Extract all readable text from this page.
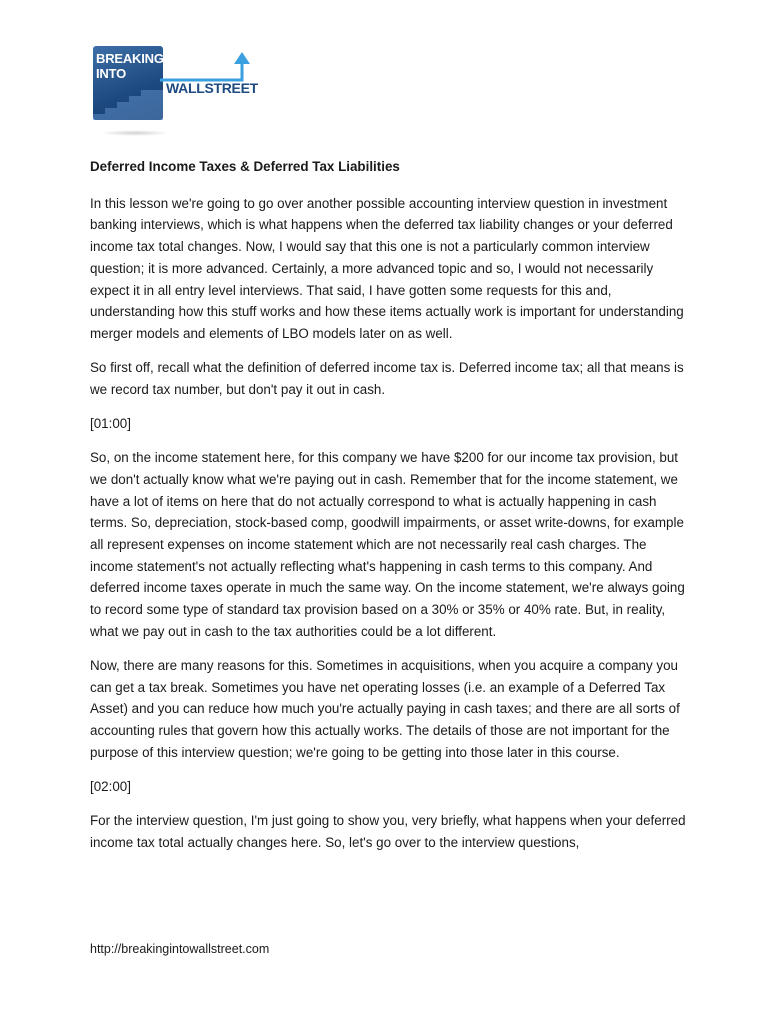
BREAKING
INTO
WALLSTREET
Deferred Income Taxes & Deferred Tax Liabilities

In this lesson we're going to go over another possible accounting interview question in investment banking interviews, which is what happens when the deferred tax liability changes or your deferred income tax total changes. Now, I would say that this one is not a particularly common interview question; it is more advanced. Certainly, a more advanced topic and so, I would not necessarily expect it in all entry level interviews. That said, I have gotten some requests for this and, understanding how this stuff works and how these items actually work is important for understanding merger models and elements of LBO models later on as well.

So first off, recall what the definition of deferred income tax is. Deferred income tax; all that means is we record tax number, but don't pay it out in cash.

[01:00]

So, on the income statement here, for this company we have $200 for our income tax provision, but we don't actually know what we're paying out in cash. Remember that for the income statement, we have a lot of items on here that do not actually correspond to what is actually happening in cash terms. So, depreciation, stock-based comp, goodwill impairments, or asset write-downs, for example all represent expenses on income statement which are not necessarily real cash charges. The income statement's not actually reflecting what's happening in cash terms to this company. And deferred income taxes operate in much the same way. On the income statement, we're always going to record some type of standard tax provision based on a 30% or 35% or 40% rate. But, in reality, what we pay out in cash to the tax authorities could be a lot different.

Now, there are many reasons for this. Sometimes in acquisitions, when you acquire a company you can get a tax break. Sometimes you have net operating losses (i.e. an example of a Deferred Tax Asset) and you can reduce how much you're actually paying in cash taxes; and there are all sorts of accounting rules that govern how this actually works. The details of those are not important for the purpose of this interview question; we're going to be getting into those later in this course.

[02:00]

For the interview question, I'm just going to show you, very briefly, what happens when your deferred income tax total actually changes here. So, let's go over to the interview questions,

http://breakingintowallstreet.com
